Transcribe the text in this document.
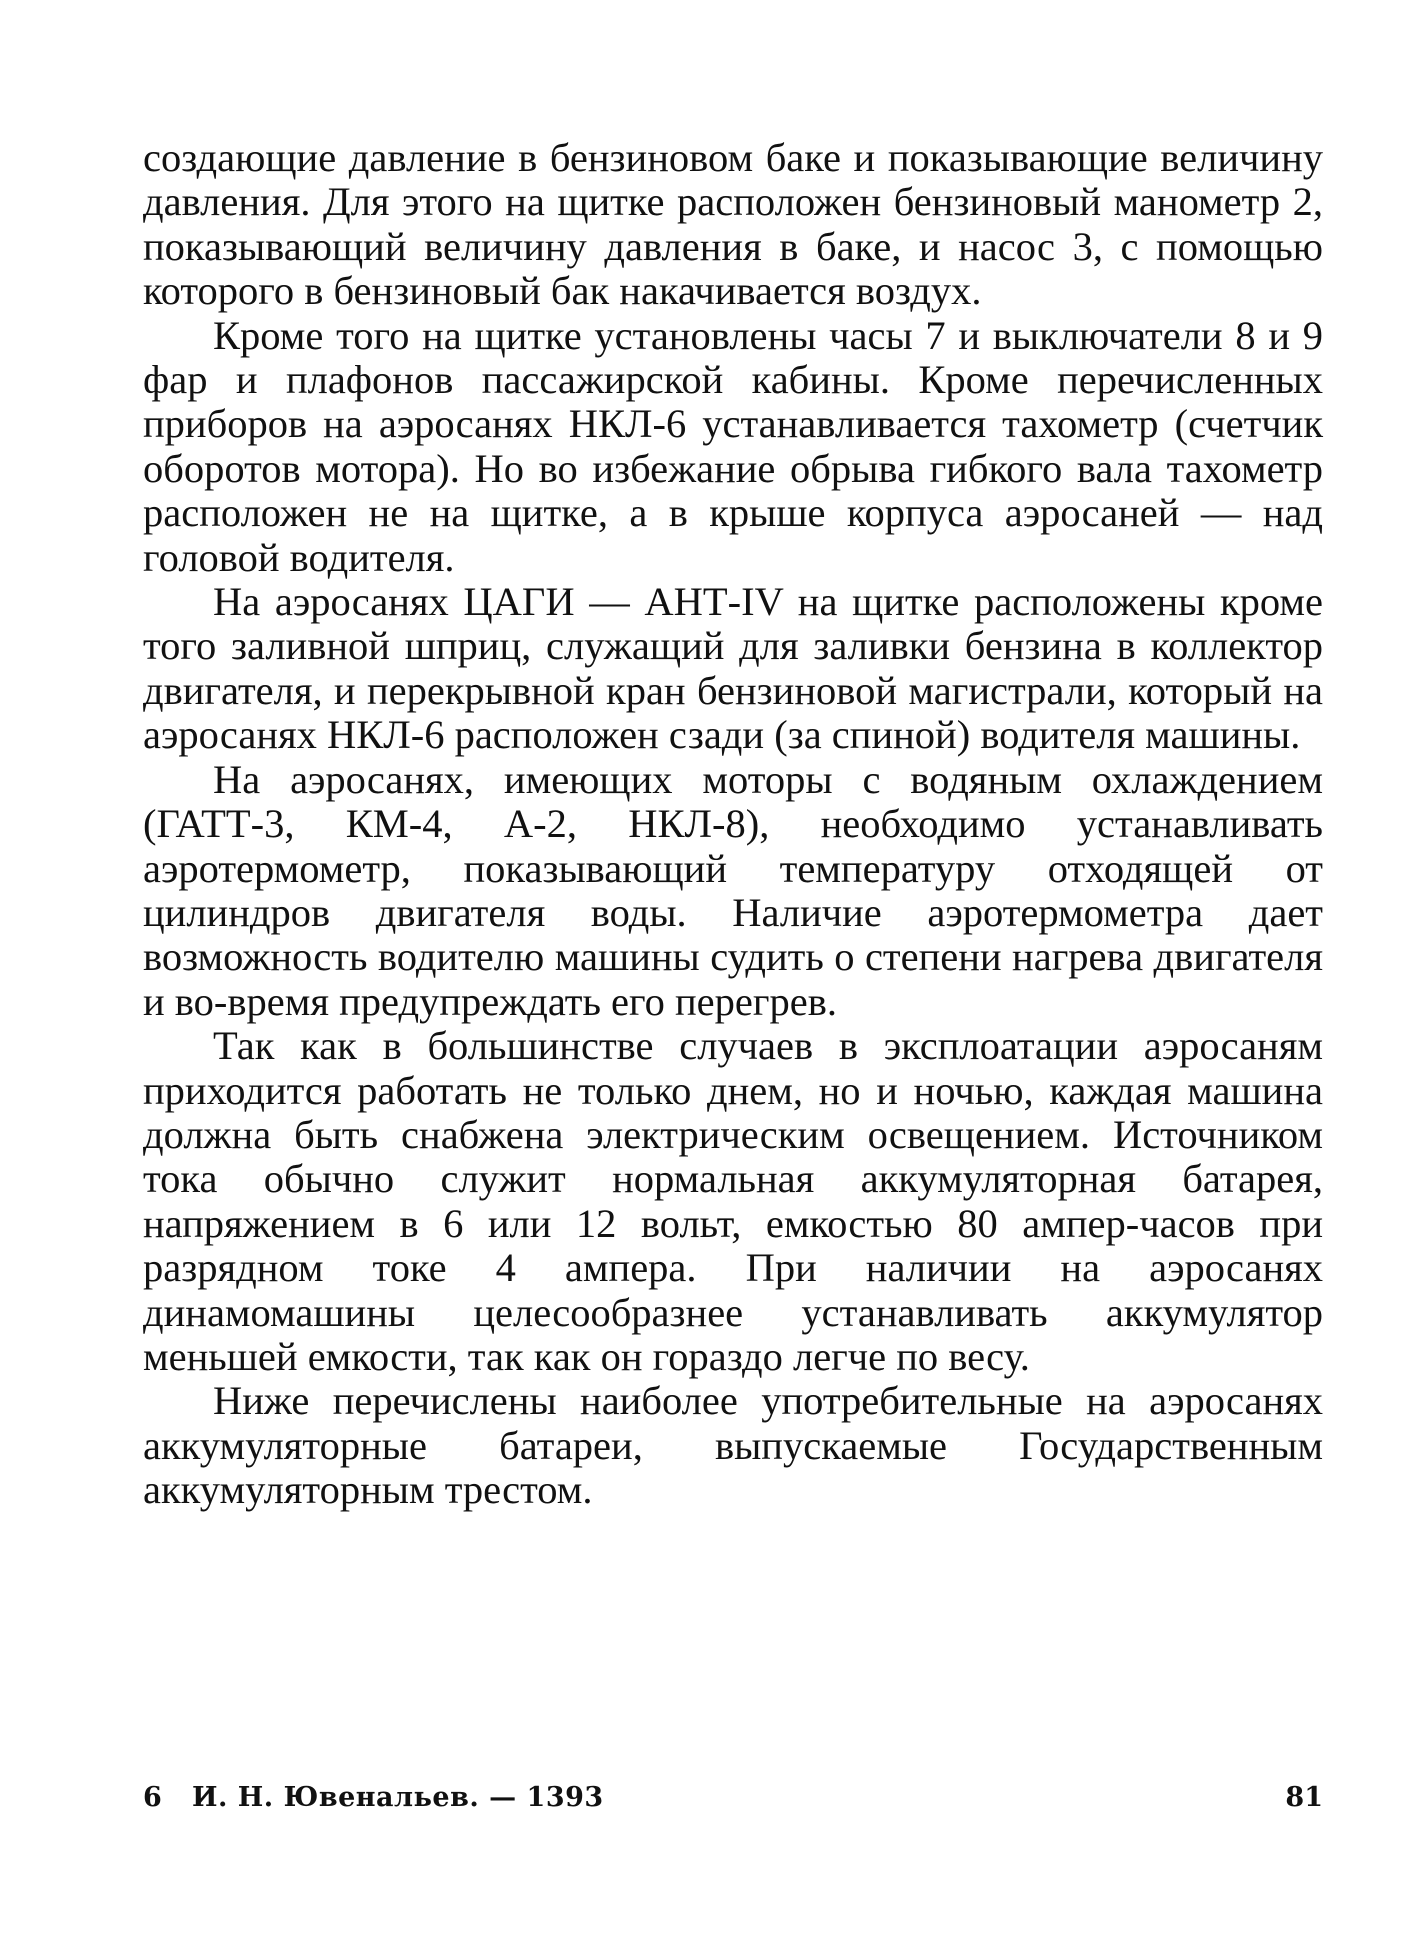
создающие давление в бензиновом баке и показывающие величину давления. Для этого на щитке расположен бензиновый манометр 2, показывающий величину давления в баке, и насос 3, с помощью которого в бензиновый бак накачивается воздух.

Кроме того на щитке установлены часы 7 и выключатели 8 и 9 фар и плафонов пассажирской кабины. Кроме перечисленных приборов на аэросанях НКЛ-6 устанавливается тахометр (счетчик оборотов мотора). Но во избежание обрыва гибкого вала тахометр расположен не на щитке, а в крыше корпуса аэросаней — над головой водителя.

На аэросанях ЦАГИ — АНТ-IV на щитке расположены кроме того заливной шприц, служащий для заливки бензина в коллектор двигателя, и перекрывной кран бензиновой магистрали, который на аэросанях НКЛ-6 расположен сзади (за спиной) водителя машины.

На аэросанях, имеющих моторы с водяным охлаждением (ГАТТ-3, КМ-4, А-2, НКЛ-8), необходимо устанавливать аэротермометр, показывающий температуру отходящей от цилиндров двигателя воды. Наличие аэротермометра дает возможность водителю машины судить о степени нагрева двигателя и во-время предупреждать его перегрев.

Так как в большинстве случаев в эксплоатации аэросаням приходится работать не только днем, но и ночью, каждая машина должна быть снабжена электрическим освещением. Источником тока обычно служит нормальная аккумуляторная батарея, напряжением в 6 или 12 вольт, емкостью 80 ампер-часов при разрядном токе 4 ампера. При наличии на аэросанях динамомашины целесообразнее устанавливать аккумулятор меньшей емкости, так как он гораздо легче по весу.

Ниже перечислены наиболее употребительные на аэросанях аккумуляторные батареи, выпускаемые Государственным аккумуляторным трестом.

6   И. Н. Ювенальев. — 1393	81
